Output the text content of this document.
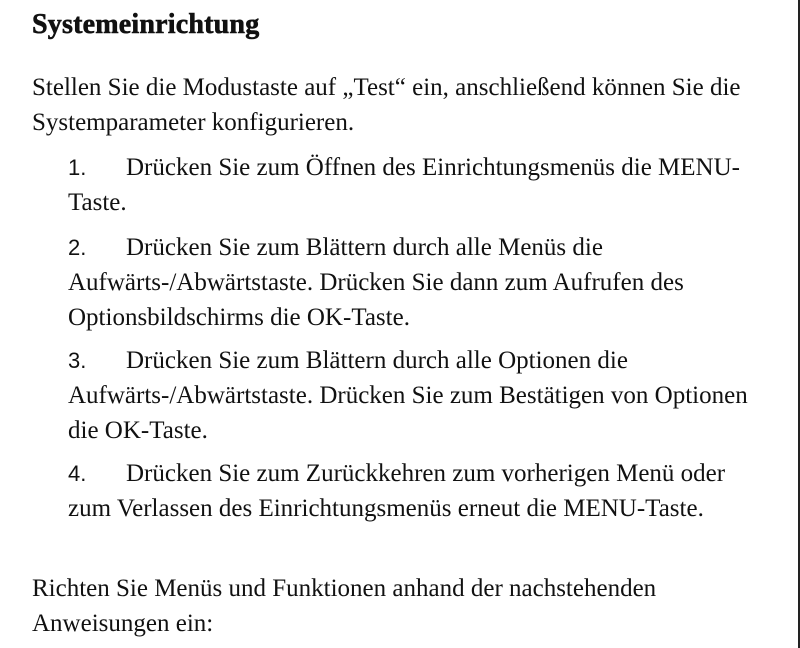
Systemeinrichtung

Stellen Sie die Modustaste auf „Test“ ein, anschließend können Sie die Systemparameter konfigurieren.

1. Drücken Sie zum Öffnen des Einrichtungsmenüs die MENU-Taste.
2. Drücken Sie zum Blättern durch alle Menüs die Aufwärts-/Abwärtstaste. Drücken Sie dann zum Aufrufen des Optionsbildschirms die OK-Taste.
3. Drücken Sie zum Blättern durch alle Optionen die Aufwärts-/Abwärtstaste. Drücken Sie zum Bestätigen von Optionen die OK-Taste.
4. Drücken Sie zum Zurückkehren zum vorherigen Menü oder zum Verlassen des Einrichtungsmenüs erneut die MENU-Taste.

Richten Sie Menüs und Funktionen anhand der nachstehenden Anweisungen ein:
